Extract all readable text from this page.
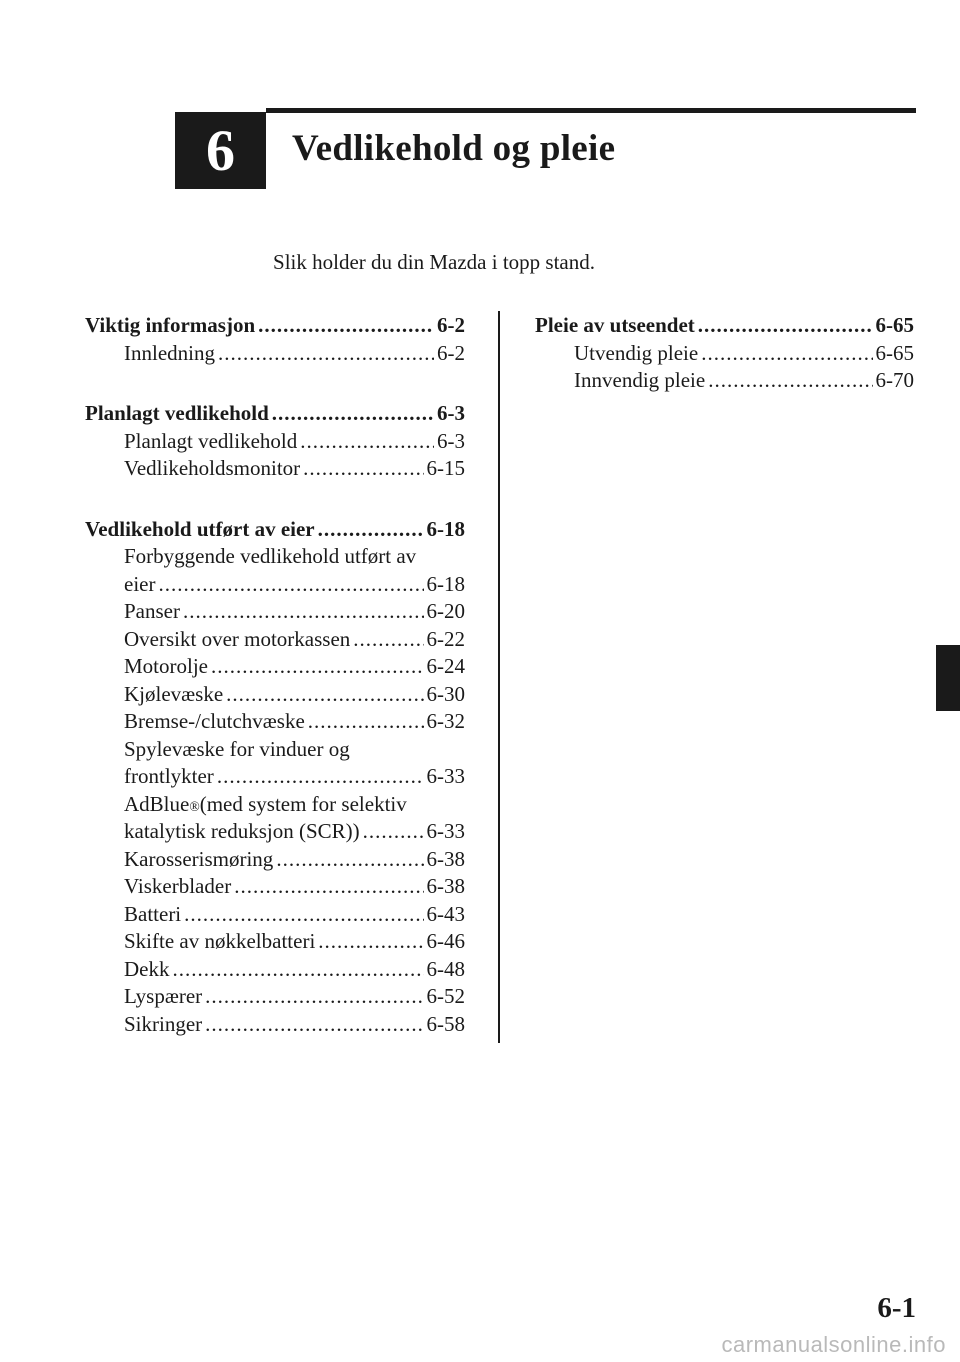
6 Vedlikehold og pleie
Slik holder du din Mazda i topp stand.
Viktig informasjon .....	6-2
Innledning .....	6-2
Planlagt vedlikehold .....	6-3
Planlagt vedlikehold .....	6-3
Vedlikeholdsmonitor .....	6-15
Vedlikehold utført av eier .....	6-18
Forbyggende vedlikehold utført av
eier .....	6-18
Panser .....	6-20
Oversikt over motorkassen .....	6-22
Motorolje .....	6-24
Kjølevæske .....	6-30
Bremse-/clutchvæske .....	6-32
Spylevæske for vinduer og
frontlykter .....	6-33
AdBlue ® (med system for selektiv
katalytisk reduksjon (SCR)) .....	6-33
Karosserismøring .....	6-38
Viskerblader .....	6-38
Batteri .....	6-43
Skifte av nøkkelbatteri .....	6-46
Dekk .....	6-48
Lyspærer .....	6-52
Sikringer .....	6-58
Pleie av utseendet .....	6-65
Utvendig pleie .....	6-65
Innvendig pleie .....	6-70
6-1
carmanualsonline.info
